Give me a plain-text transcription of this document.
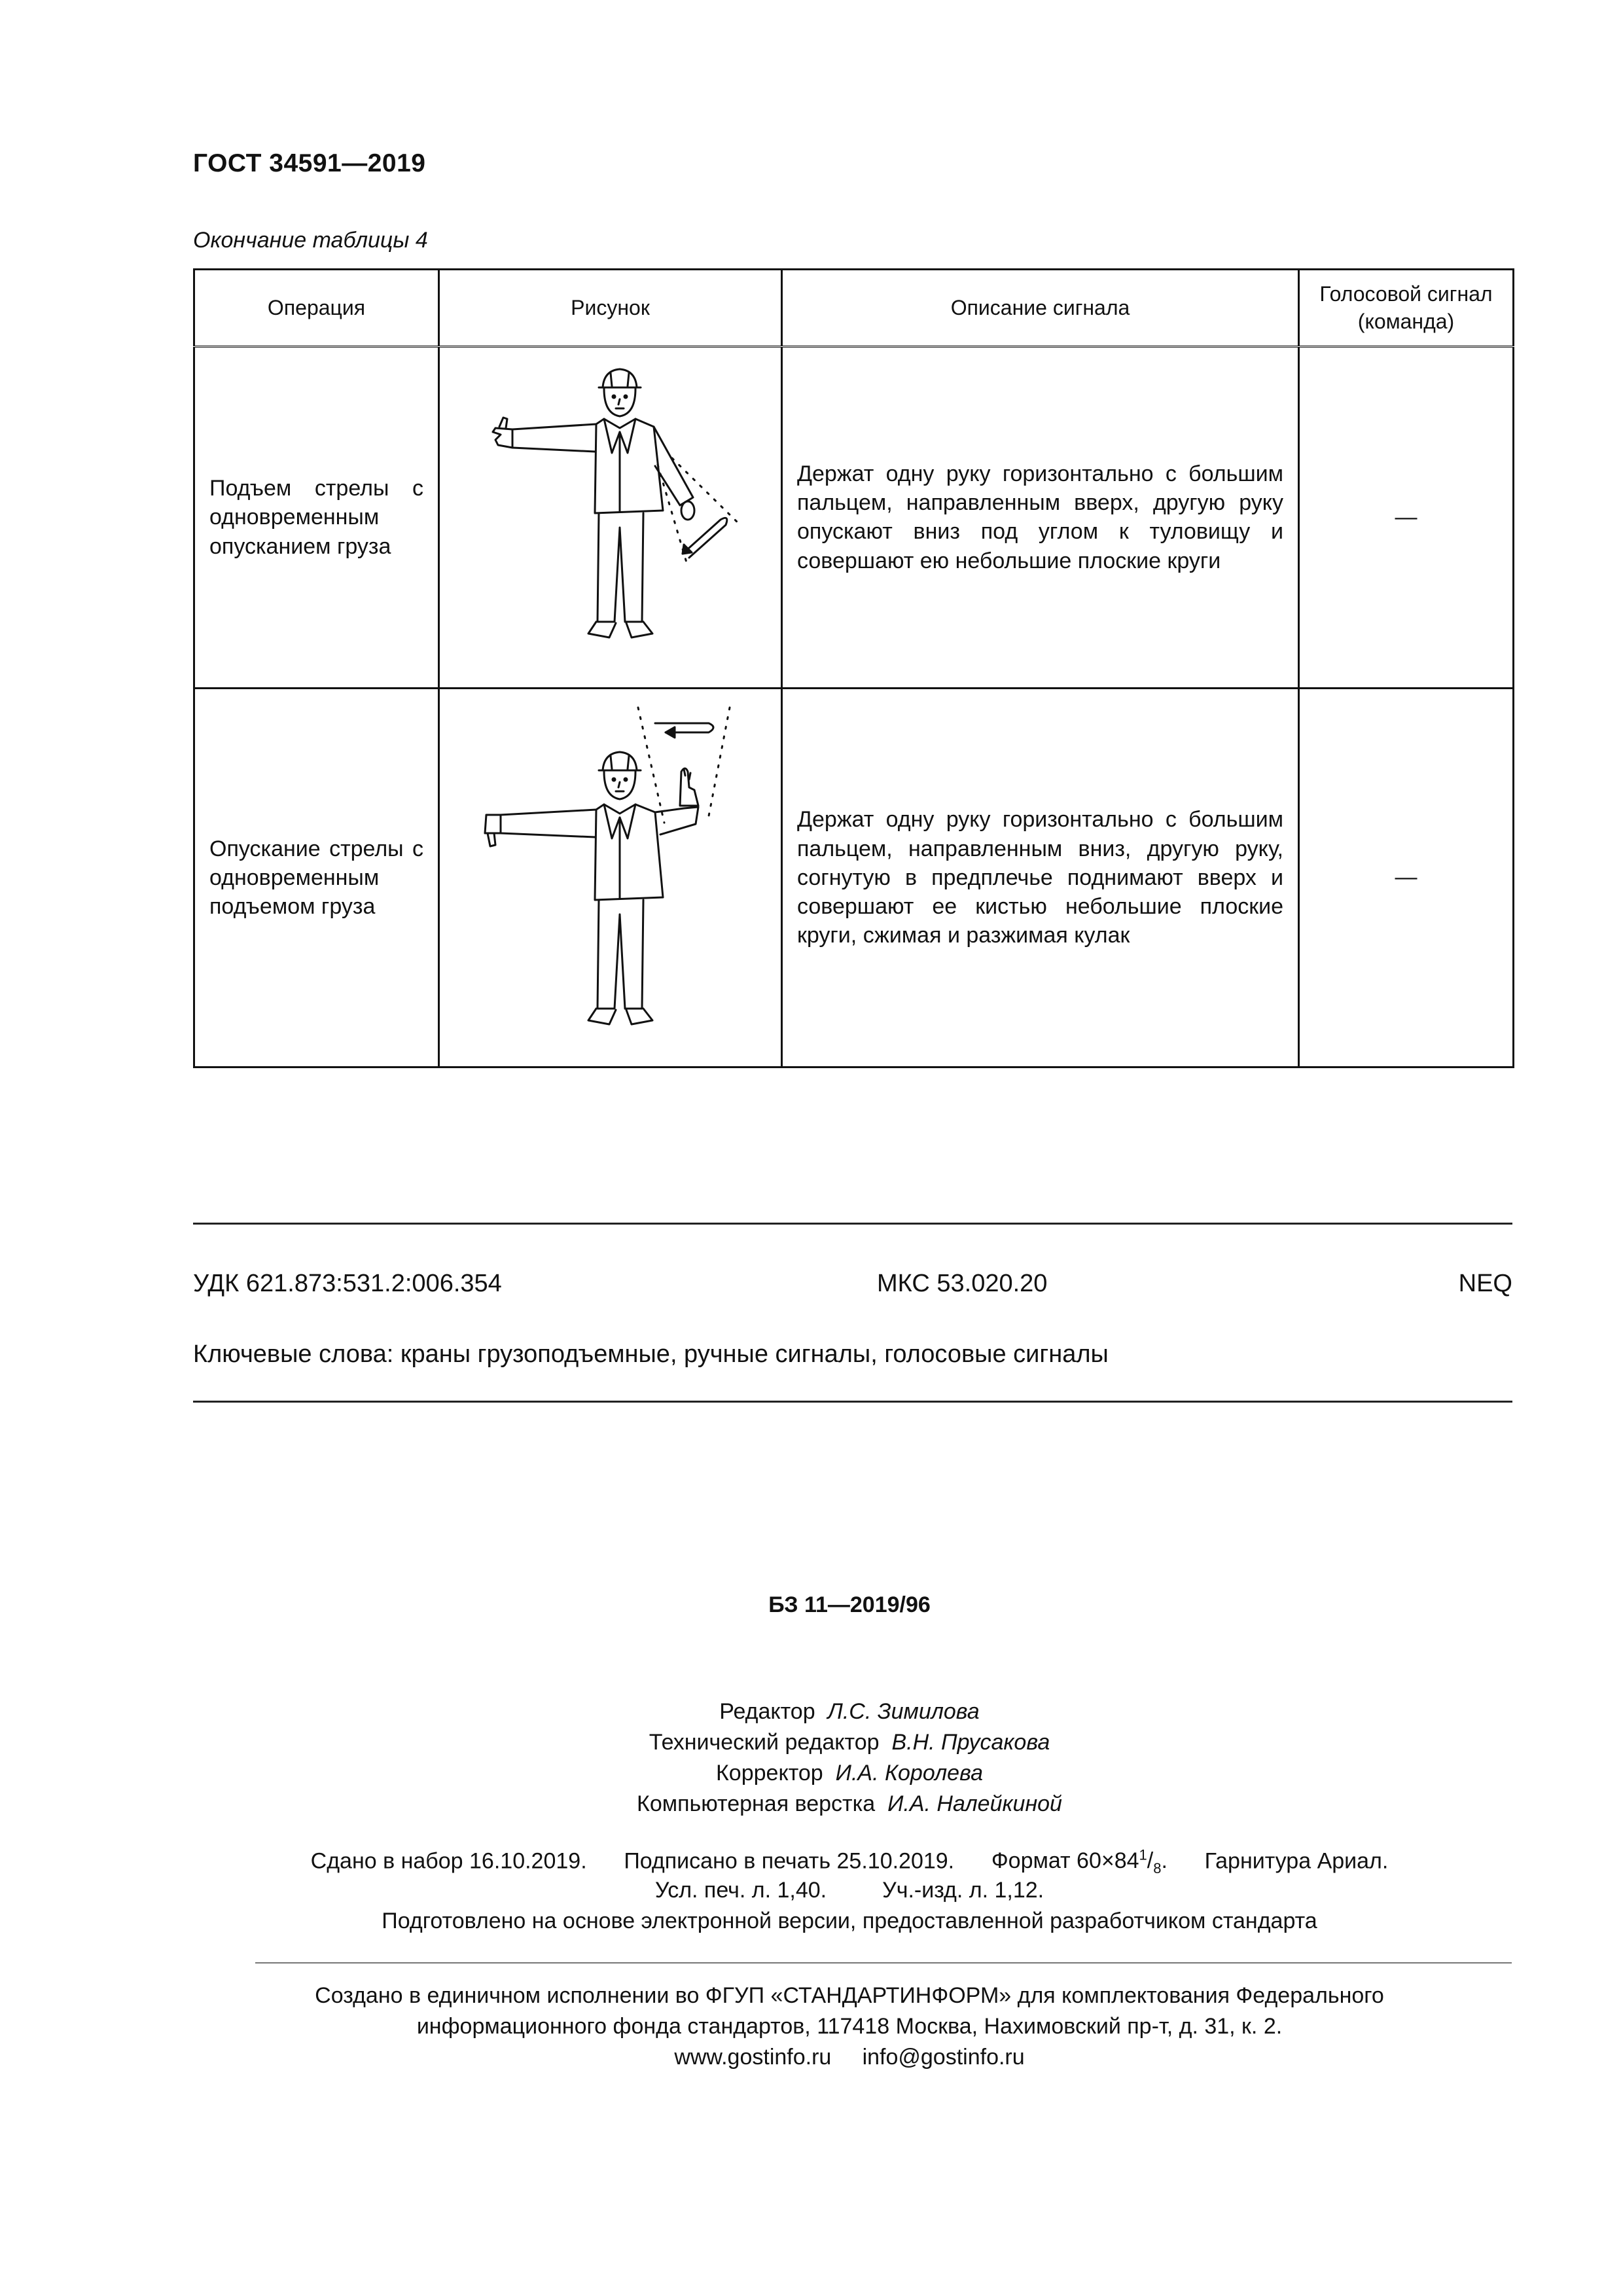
ГОСТ 34591—2019
Окончание таблицы 4
Операция	Рисунок	Описание сигнала	Голосовой сигнал (команда)
Подъем стрелы с одновременным опусканием груза		Держат одну руку горизонтально с большим пальцем, направленным вверх, другую руку опускают вниз под углом к туловищу и совершают ею небольшие плоские круги	—
Опускание стрелы с одновременным подъемом груза		Держат одну руку горизонтально с большим пальцем, направленным вниз, другую руку, согнутую в предплечье поднимают вверх и совершают ее кистью небольшие плоские круги, сжимая и разжимая кулак	—
УДК 621.873:531.2:006.354	МКС 53.020.20	NEQ
Ключевые слова: краны грузоподъемные, ручные сигналы, голосовые сигналы
БЗ 11—2019/96
Редактор Л.С. Зимилова
Технический редактор В.Н. Прусакова
Корректор И.А. Королева
Компьютерная верстка И.А. Налейкиной
Сдано в набор 16.10.2019. Подписано в печать 25.10.2019. Формат $60\times 84^1/_8$. Гарнитура Ариал.
Усл. печ. л. 1,40.	Уч.-изд. л. 1,12.
Подготовлено на основе электронной версии, предоставленной разработчиком стандарта
Создано в единичном исполнении во ФГУП «СТАНДАРТИНФОРМ» для комплектования Федерального
информационного фонда стандартов, 117418 Москва, Нахимовский пр-т, д. 31, к. 2.
www.gostinfo.ru info@gostinfo.ru
